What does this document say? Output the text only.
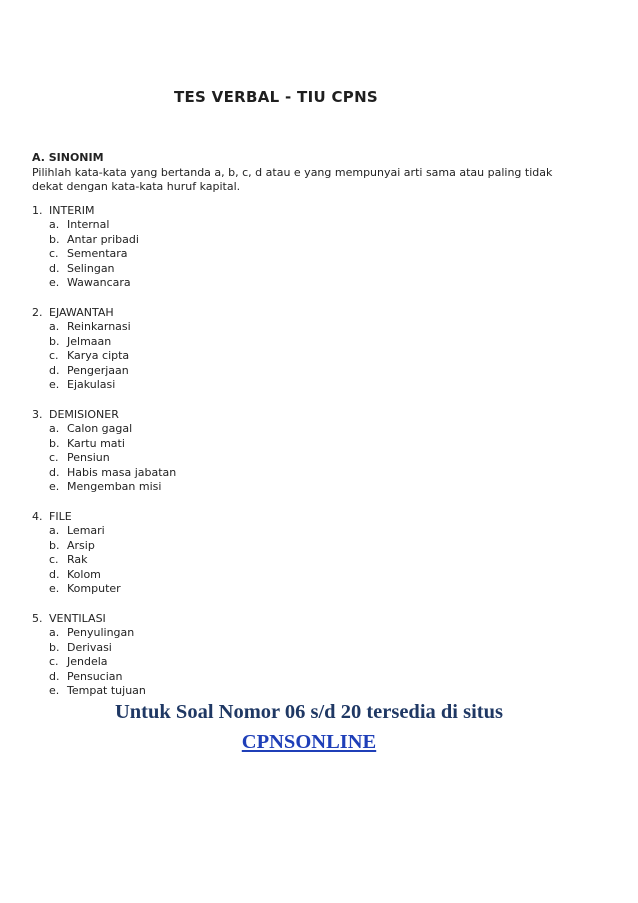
TES VERBAL - TIU CPNS
A. SINONIM
Pilihlah kata-kata yang bertanda a, b, c, d atau e yang mempunyai arti sama atau paling tidak
dekat dengan kata-kata huruf kapital.
1. INTERIM
a. Internal
b. Antar pribadi
c. Sementara
d. Selingan
e. Wawancara
2. EJAWANTAH
a. Reinkarnasi
b. Jelmaan
c. Karya cipta
d. Pengerjaan
e. Ejakulasi
3. DEMISIONER
a. Calon gagal
b. Kartu mati
c. Pensiun
d. Habis masa jabatan
e. Mengemban misi
4. FILE
a. Lemari
b. Arsip
c. Rak
d. Kolom
e. Komputer
5. VENTILASI
a. Penyulingan
b. Derivasi
c. Jendela
d. Pensucian
e. Tempat tujuan
Untuk Soal Nomor 06 s/d 20 tersedia di situs
CPNSONLINE
